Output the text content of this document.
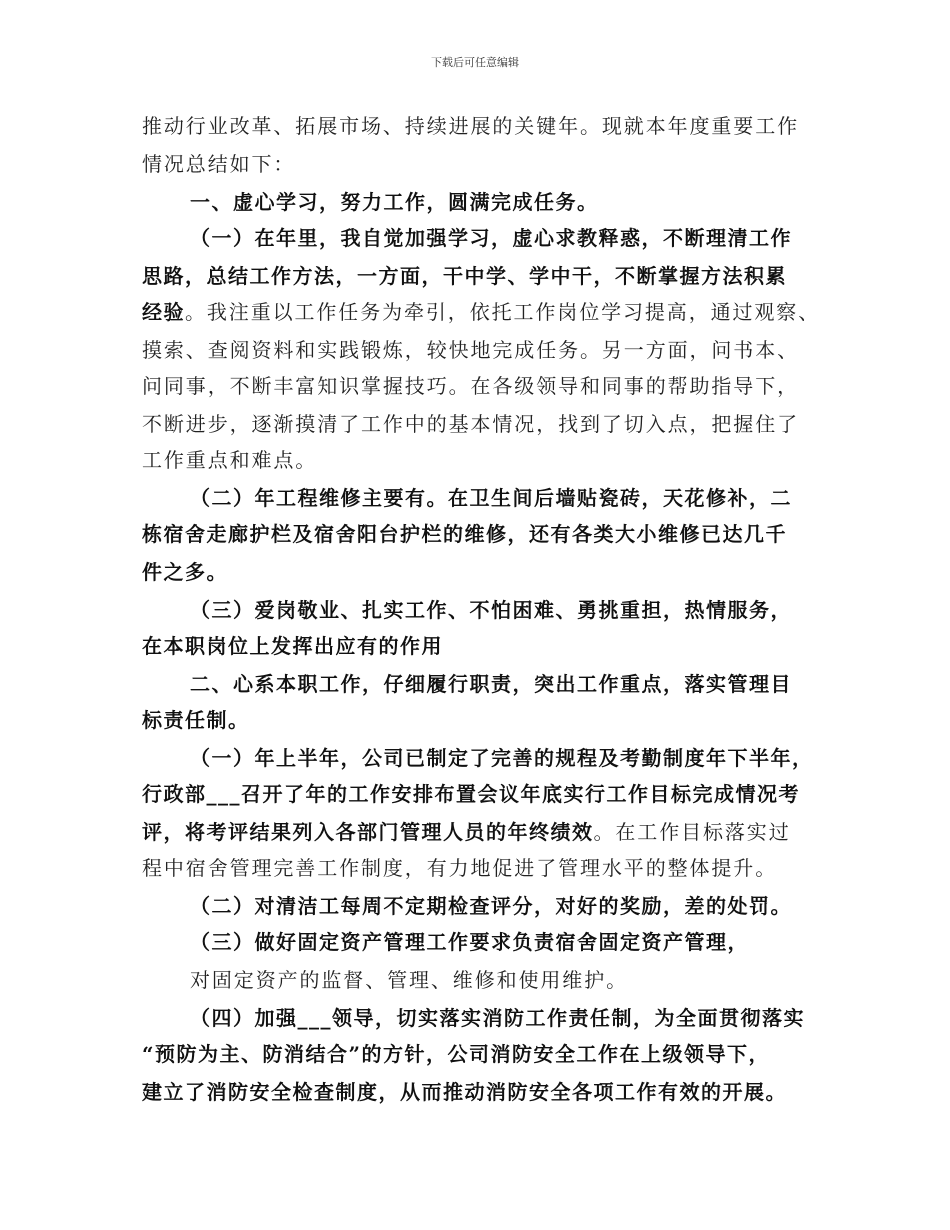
下载后可任意编辑
推动行业改革、拓展市场、持续进展的关键年。现就本年度重要工作
情况总结如下：
一、虚心学习，努力工作，圆满完成任务。
（一）在年里，我自觉加强学习，虚心求教释惑，不断理清工作
思路，总结工作方法，一方面，干中学、学中干，不断掌握方法积累
经验。我注重以工作任务为牵引，依托工作岗位学习提高，通过观察、
摸索、查阅资料和实践锻炼，较快地完成任务。另一方面，问书本、
问同事，不断丰富知识掌握技巧。在各级领导和同事的帮助指导下，
不断进步，逐渐摸清了工作中的基本情况，找到了切入点，把握住了
工作重点和难点。
（二）年工程维修主要有。在卫生间后墙贴瓷砖，天花修补，二
栋宿舍走廊护栏及宿舍阳台护栏的维修，还有各类大小维修已达几千
件之多。
（三）爱岗敬业、扎实工作、不怕困难、勇挑重担，热情服务，
在本职岗位上发挥出应有的作用
二、心系本职工作，仔细履行职责，突出工作重点，落实管理目
标责任制。
（一）年上半年，公司已制定了完善的规程及考勤制度年下半年，
行政部___召开了年的工作安排布置会议年底实行工作目标完成情况考
评，将考评结果列入各部门管理人员的年终绩效。在工作目标落实过
程中宿舍管理完善工作制度，有力地促进了管理水平的整体提升。
（二）对清洁工每周不定期检查评分，对好的奖励，差的处罚。
（三）做好固定资产管理工作要求负责宿舍固定资产管理，
对固定资产的监督、管理、维修和使用维护。
（四）加强___领导，切实落实消防工作责任制，为全面贯彻落实
“预防为主、防消结合”的方针，公司消防安全工作在上级领导下，
建立了消防安全检查制度，从而推动消防安全各项工作有效的开展。
